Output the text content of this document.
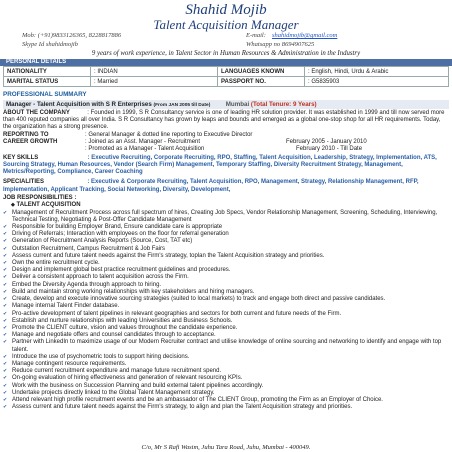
Shahid Mojib
Talent Acquisition Manager
Mob: (+91)9833126365, 8228817886	E-mail: shahidmojib@gmail.com
Skype Id shahidmojib	Whatsapp no 8694907625
9 years of work experience, in Talent Sector in Human Resources & Administration in the Industry
PERSONAL DETAILS
NATIONALITY	: INDIAN	LANGUAGES KNOWN	: English, Hindi, Urdu & Arabic
MARITAL STATUS	: Married	PASSPORT NO.	: G5835903
PROFESSIONAL SUMMARY
Manager - Talent Acquisition with S R Enterprises (From JAN 2005 till Date) Mumbai (Total Tenure: 9 Years)
ABOUT THE COMPANY	: Founded in 1999, S R Consultancy service is one of leading HR solution provider. It was established in 1999 and till now served more than 400 reputed companies all over India. S R Consultancy has grown by leaps and bounds and emerged as a global one-stop shop for all HR requirements. Today, the organization has a strong presence.
REPORTING TO	: General Manager & dotted line reporting to Executive Director
CAREER GROWTH	: Joined as an Asst. Manager - Recruitment	February 2005 - January 2010
: Promoted as a Manager - Talent Acquisition	February 2010 - Till Date
KEY SKILLS	: Executive Recruiting, Corporate Recruiting, RPO, Staffing, Talent Acquisition, Leadership, Strategy, Implementation, ATS, Sourcing Strategy, Human Resources, Vendor (Search Firm) Management, Temporary Staffing, Diversity Recruitment Strategy, Management, Metrics/Reporting, Compliance, Career Coaching
SPECIALITIES	: Executive & Corporate Recruiting, Talent Acquisition, RPO, Management, Strategy, Relationship Management, RFP, Implementation, Applicant Tracking, Social Networking, Diversity, Development,
JOB RESPONSIBILITIES :
◆ TALENT ACQUISITION
✔ Management of Recruitment Process across full spectrum of hires, Creating Job Specs, Vendor Relationship Management, Screening, Scheduling, Interviewing, Technical Testing, Negotiating & Post-Offer Candidate Management
✔ Responsible for building Employer Brand, Ensure candidate care is appropriate
✔ Driving of Referrals; Interaction with employees on the floor for referral generation
✔ Generation of Recruitment Analysis Reports (Source, Cost, TAT etc)
✔ Outstation Recruitment, Campus Recruitment & Job Fairs
✔ Assess current and future talent needs against the Firm's strategy, toplan the Talent Acquisition strategy and priorities.
✔ Own the entire recruitment cycle.
✔ Design and implement global best practice recruitment guidelines and procedures.
✔ Deliver a consistent approach to talent acquisition across the Firm.
✔ Embed the Diversity Agenda through approach to hiring.
✔ Build and maintain strong working relationships with key stakeholders and hiring managers.
✔ Create, develop and execute innovative sourcing strategies (suited to local markets) to track and engage both direct and passive candidates.
✔ Manage internal Talent Finder database.
✔ Pro-active development of talent pipelines in relevant geographies and sectors for both current and future needs of the Firm.
✔ Establish and nurture relationships with leading Universities and Business Schools.
✔ Promote the CLIENT culture, vision and values throughout the candidate experience.
✔ Manage and negotiate offers and counsel candidates through to acceptance.
✔ Partner with LinkedIn to maximize usage of our Modern Recruiter contract and utilise knowledge of online sourcing and networking to identify and engage with top talent.
✔ Introduce the use of psychometric tools to support hiring decisions.
✔ Manage contingent resource requirements.
✔ Reduce current recruitment expenditure and manage future recruitment spend.
✔ On-going evaluation of hiring effectiveness and generation of relevant resourcing KPIs.
✔ Work with the business on Succession Planning and build external talent pipelines accordingly.
✔ Undertake projects directly linked to the Global Talent Management strategy.
✔ Attend relevant high profile recruitment events and be an ambassador of The CLIENT Group, promoting the Firm as an Employer of Choice.
✔ Assess current and future talent needs against the Firm's strategy, to align and plan the Talent Acquisition strategy and priorities.
C/o, Mr S Rafi Wasim, Juhu Tara Road, Juhu, Mumbai - 400049.
